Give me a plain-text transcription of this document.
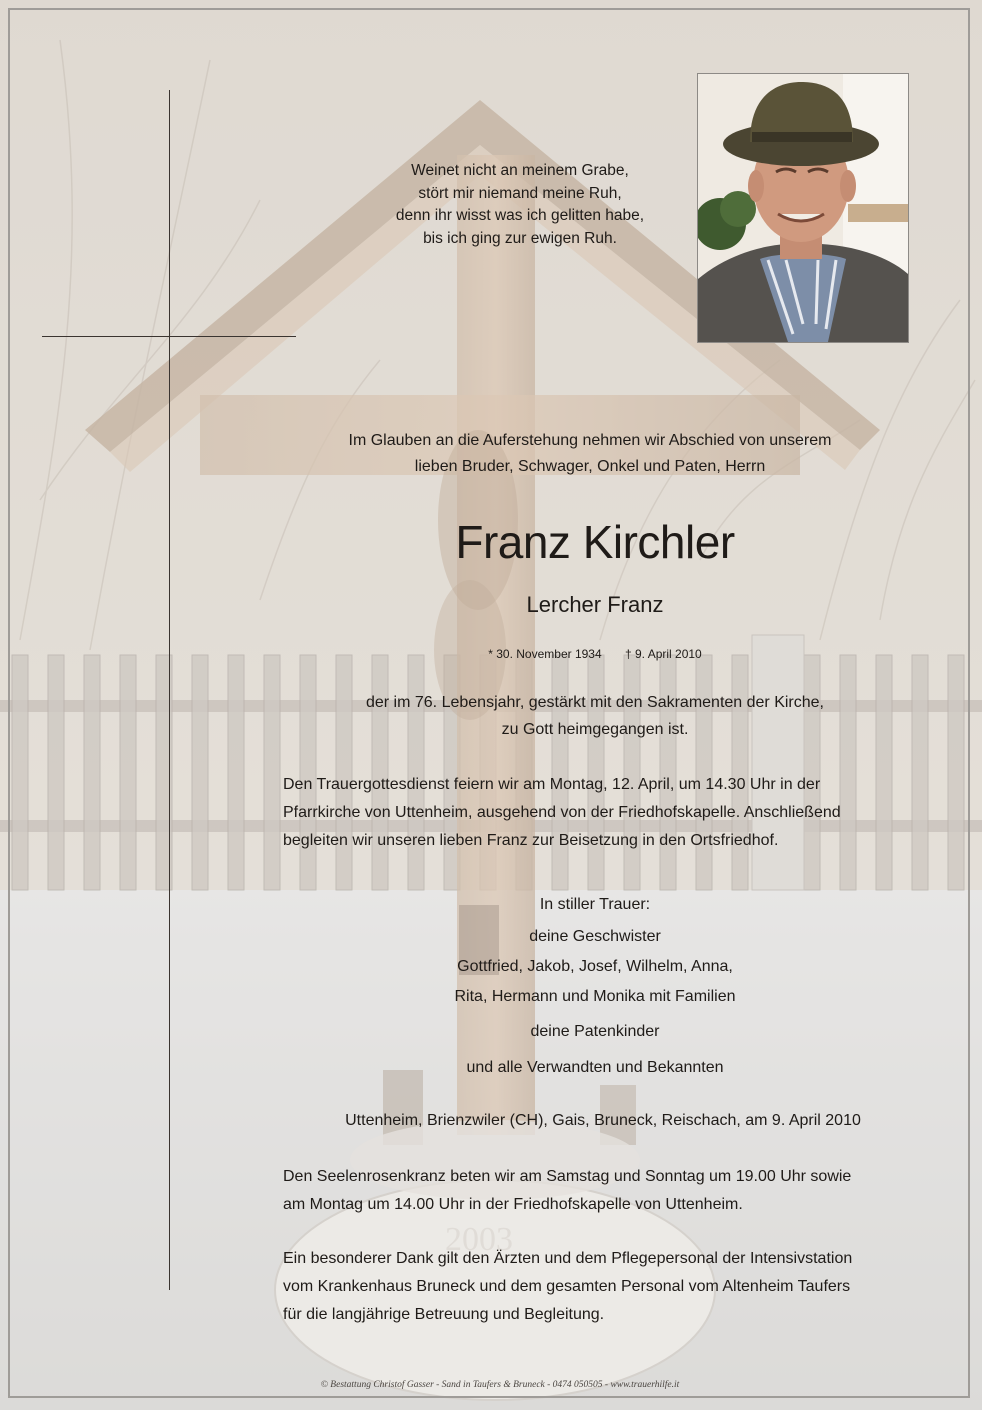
2003
Weinet nicht an meinem Grabe,
stört mir niemand meine Ruh,
denn ihr wisst was ich gelitten habe,
bis ich ging zur ewigen Ruh.
Im Glauben an die Auferstehung nehmen wir Abschied von unserem
lieben Bruder, Schwager, Onkel und Paten, Herrn
Franz Kirchler
Lercher Franz
* 30. November 1934 † 9. April 2010
der im 76. Lebensjahr, gestärkt mit den Sakramenten der Kirche,
zu Gott heimgegangen ist.
Den Trauergottesdienst feiern wir am Montag, 12. April, um 14.30 Uhr in der
Pfarrkirche von Uttenheim, ausgehend von der Friedhofskapelle. Anschließend
begleiten wir unseren lieben Franz zur Beisetzung in den Ortsfriedhof.
In stiller Trauer:
deine Geschwister
Gottfried, Jakob, Josef, Wilhelm, Anna,
Rita, Hermann und Monika mit Familien
deine Patenkinder
und alle Verwandten und Bekannten
Uttenheim, Brienzwiler (CH), Gais, Bruneck, Reischach, am 9. April 2010
Den Seelenrosenkranz beten wir am Samstag und Sonntag um 19.00 Uhr sowie
am Montag um 14.00 Uhr in der Friedhofskapelle von Uttenheim.
Ein besonderer Dank gilt den Ärzten und dem Pflegepersonal der Intensivstation
vom Krankenhaus Bruneck und dem gesamten Personal vom Altenheim Taufers
für die langjährige Betreuung und Begleitung.
© Bestattung Christof Gasser - Sand in Taufers & Bruneck - 0474 050505 - www.trauerhilfe.it
